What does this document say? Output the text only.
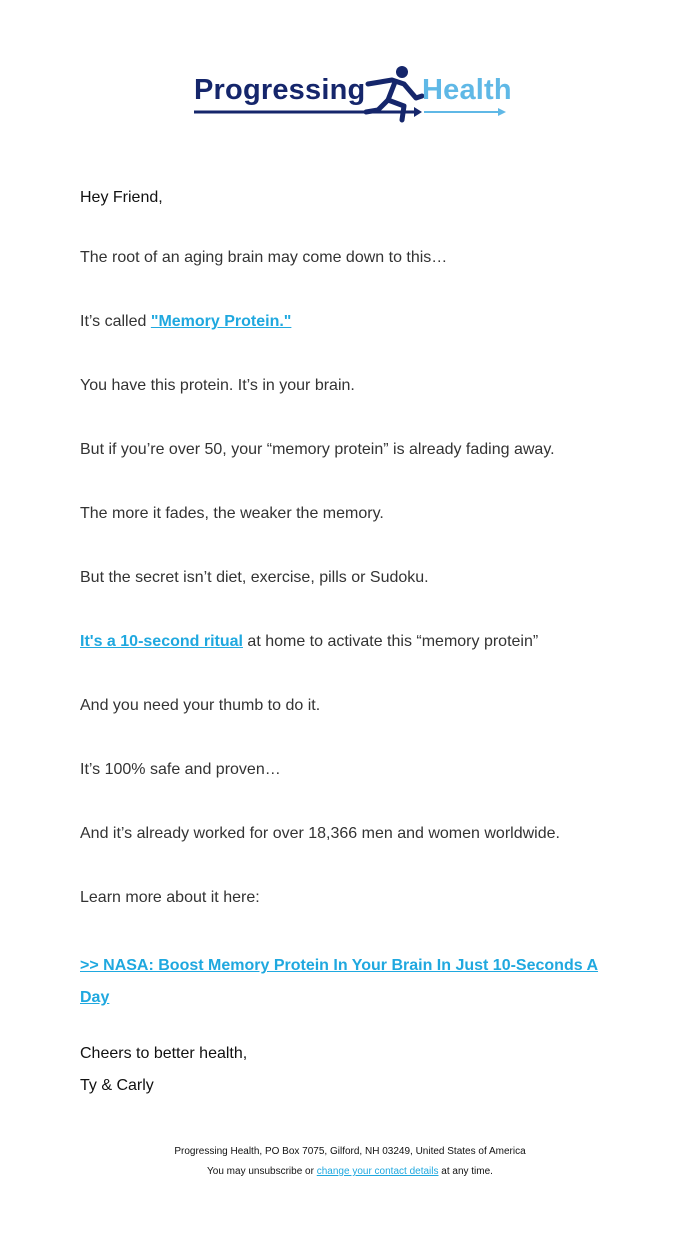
Progressing Health
Hey Friend,
The root of an aging brain may come down to this…
It’s called "Memory Protein."
You have this protein. It’s in your brain.
But if you’re over 50, your “memory protein” is already fading away.
The more it fades, the weaker the memory.
But the secret isn’t diet, exercise, pills or Sudoku.
It's a 10-second ritual at home to activate this “memory protein”
And you need your thumb to do it.
It’s 100% safe and proven…
And it’s already worked for over 18,366 men and women worldwide.
Learn more about it here:
>> NASA: Boost Memory Protein In Your Brain In Just 10-Seconds A Day
Cheers to better health,
Ty & Carly
Progressing Health, PO Box 7075, Gilford, NH 03249, United States of America
You may unsubscribe or change your contact details at any time.
